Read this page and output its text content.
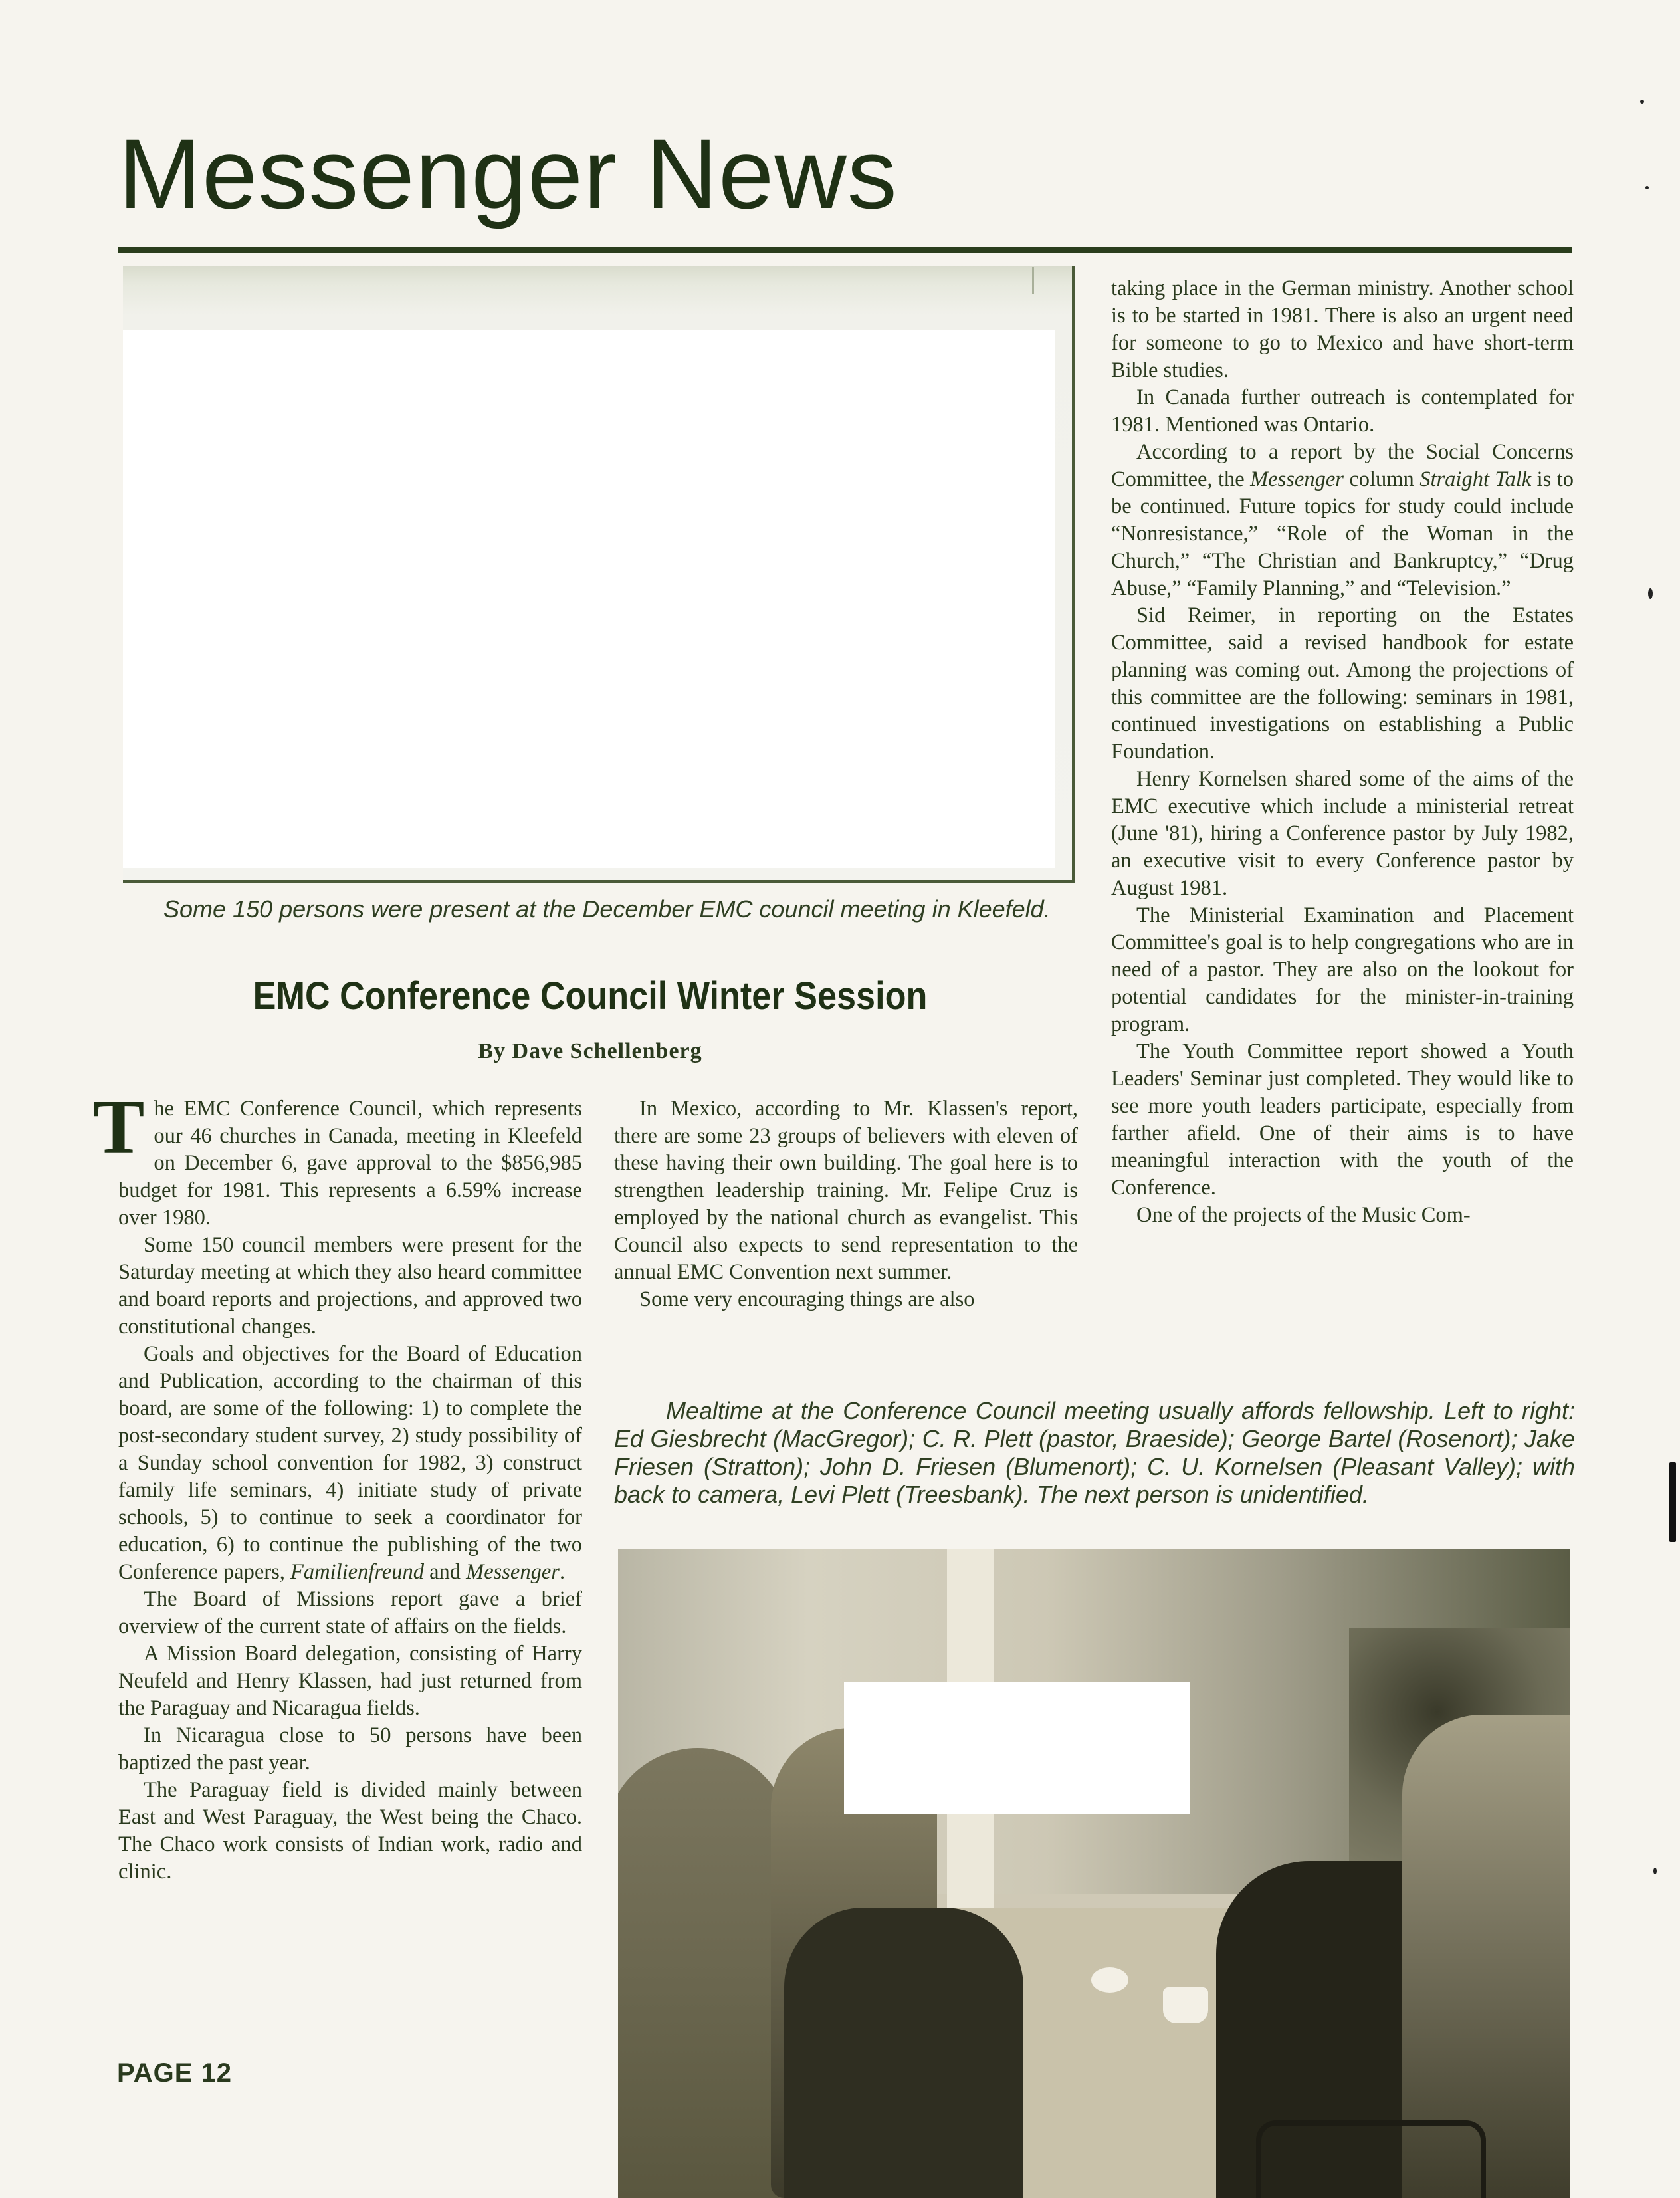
Messenger News

Some 150 persons were present at the December EMC council meeting in Kleefeld.

EMC Conference Council Winter Session
By Dave Schellenberg

The EMC Conference Council, which represents our 46 churches in Canada, meeting in Kleefeld on December 6, gave approval to the $856,985 budget for 1981. This represents a 6.59% increase over 1980.

Some 150 council members were present for the Saturday meeting at which they also heard committee and board reports and projections, and approved two constitutional changes.

Goals and objectives for the Board of Education and Publication, according to the chairman of this board, are some of the following: 1) to complete the post-secondary student survey, 2) study possibility of a Sunday school convention for 1982, 3) construct family life seminars, 4) initiate study of private schools, 5) to continue to seek a coordinator for education, 6) to continue the publishing of the two Conference papers, Familienfreund and Messenger.

The Board of Missions report gave a brief overview of the current state of affairs on the fields.

A Mission Board delegation, consisting of Harry Neufeld and Henry Klassen, had just returned from the Paraguay and Nicaragua fields.

In Nicaragua close to 50 persons have been baptized the past year.

The Paraguay field is divided mainly between East and West Paraguay, the West being the Chaco. The Chaco work consists of Indian work, radio and clinic.

In Mexico, according to Mr. Klassen's report, there are some 23 groups of believers with eleven of these having their own building. The goal here is to strengthen leadership training. Mr. Felipe Cruz is employed by the national church as evangelist. This Council also expects to send representation to the annual EMC Convention next summer.

Some very encouraging things are also

taking place in the German ministry. Another school is to be started in 1981. There is also an urgent need for someone to go to Mexico and have short-term Bible studies.

In Canada further outreach is contemplated for 1981. Mentioned was Ontario.

According to a report by the Social Concerns Committee, the Messenger column Straight Talk is to be continued. Future topics for study could include “Nonresistance,” “Role of the Woman in the Church,” “The Christian and Bankruptcy,” “Drug Abuse,” “Family Planning,” and “Television.”

Sid Reimer, in reporting on the Estates Committee, said a revised handbook for estate planning was coming out. Among the projections of this committee are the following: seminars in 1981, continued investigations on establishing a Public Foundation.

Henry Kornelsen shared some of the aims of the EMC executive which include a ministerial retreat (June '81), hiring a Conference pastor by July 1982, an executive visit to every Conference pastor by August 1981.

The Ministerial Examination and Placement Committee's goal is to help congregations who are in need of a pastor. They are also on the lookout for potential candidates for the minister-in-training program.

The Youth Committee report showed a Youth Leaders' Seminar just completed. They would like to see more youth leaders participate, especially from farther afield. One of their aims is to have meaningful interaction with the youth of the Conference.

One of the projects of the Music Com-

Mealtime at the Conference Council meeting usually affords fellowship. Left to right: Ed Giesbrecht (MacGregor); C. R. Plett (pastor, Braeside); George Bartel (Rosenort); Jake Friesen (Stratton); John D. Friesen (Blumenort); C. U. Kornelsen (Pleasant Valley); with back to camera, Levi Plett (Treesbank). The next person is unidentified.

PAGE 12
